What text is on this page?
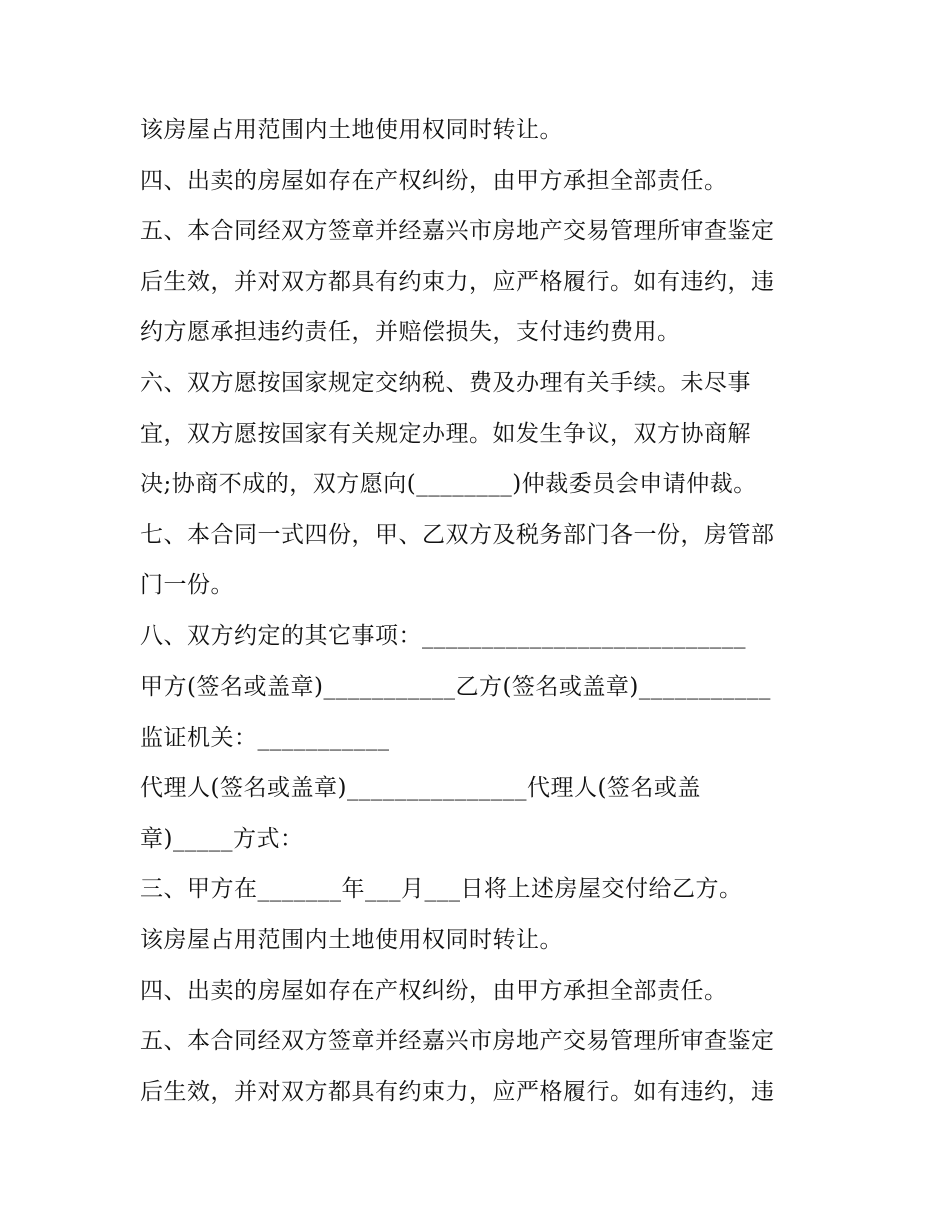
该房屋占用范围内土地使用权同时转让。

四、出卖的房屋如存在产权纠纷，由甲方承担全部责任。

五、本合同经双方签章并经嘉兴市房地产交易管理所审查鉴定

后生效，并对双方都具有约束力，应严格履行。如有违约，违

约方愿承担违约责任，并赔偿损失，支付违约费用。

六、双方愿按国家规定交纳税、费及办理有关手续。未尽事

宜，双方愿按国家有关规定办理。如发生争议，双方协商解

决;协商不成的，双方愿向(________)仲裁委员会申请仲裁。

七、本合同一式四份，甲、乙双方及税务部门各一份，房管部

门一份。

八、双方约定的其它事项：___________________________

甲方(签名或盖章)___________乙方(签名或盖章)___________

监证机关：___________

代理人(签名或盖章)_______________代理人(签名或盖

章)_____方式：

三、甲方在_______年___月___日将上述房屋交付给乙方。

该房屋占用范围内土地使用权同时转让。

四、出卖的房屋如存在产权纠纷，由甲方承担全部责任。

五、本合同经双方签章并经嘉兴市房地产交易管理所审查鉴定

后生效，并对双方都具有约束力，应严格履行。如有违约，违
